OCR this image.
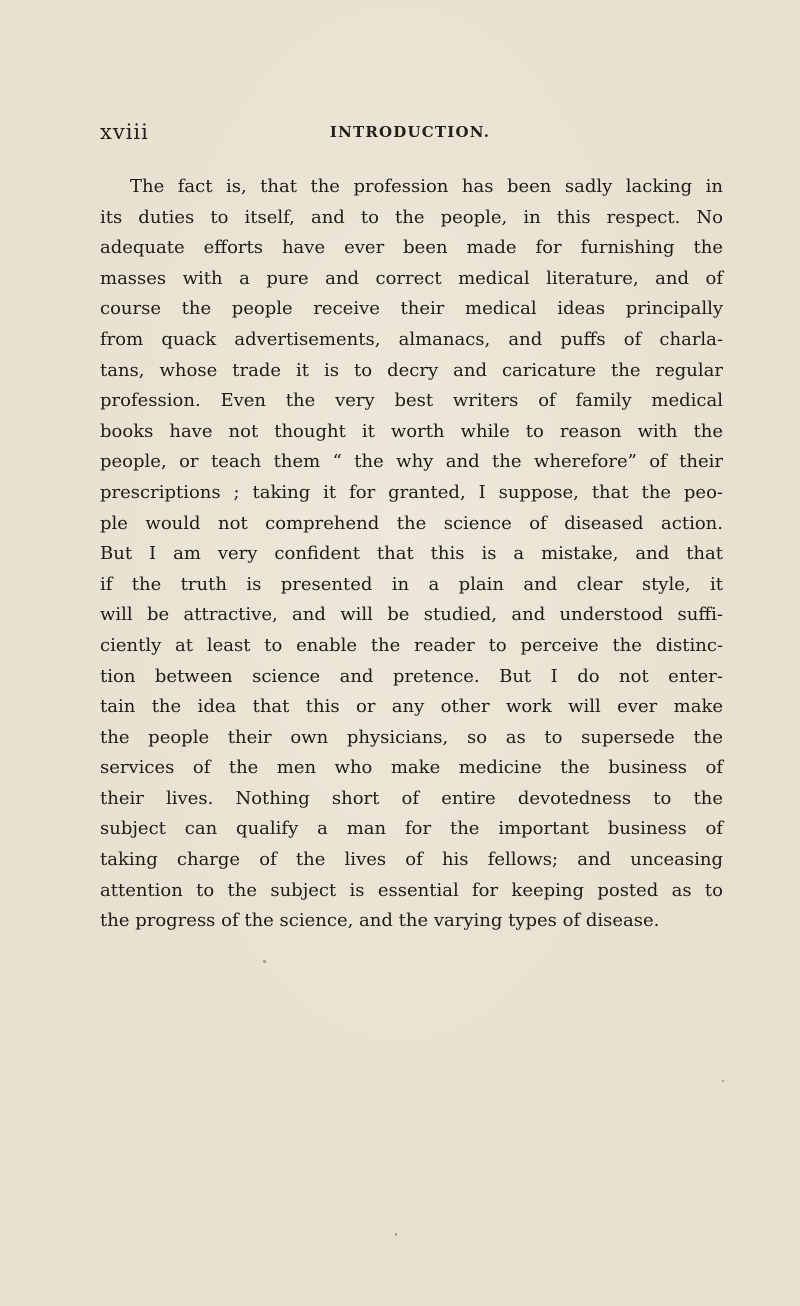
xviii	INTRODUCTION.
The fact is, that the profession has been sadly lacking in
its duties to itself, and to the people, in this respect. No
adequate efforts have ever been made for furnishing the
masses with a pure and correct medical literature, and of
course the people receive their medical ideas principally
from quack advertisements, almanacs, and puffs of charla-
tans, whose trade it is to decry and caricature the regular
profession. Even the very best writers of family medical
books have not thought it worth while to reason with the
people, or teach them “ the why and the wherefore” of their
prescriptions ; taking it for granted, I suppose, that the peo-
ple would not comprehend the science of diseased action.
But I am very confident that this is a mistake, and that
if the truth is presented in a plain and clear style, it
will be attractive, and will be studied, and understood suffi-
ciently at least to enable the reader to perceive the distinc-
tion between science and pretence. But I do not enter-
tain the idea that this or any other work will ever make
the people their own physicians, so as to supersede the
services of the men who make medicine the business of
their lives. Nothing short of entire devotedness to the
subject can qualify a man for the important business of
taking charge of the lives of his fellows; and unceasing
attention to the subject is essential for keeping posted as to
the progress of the science, and the varying types of disease.
